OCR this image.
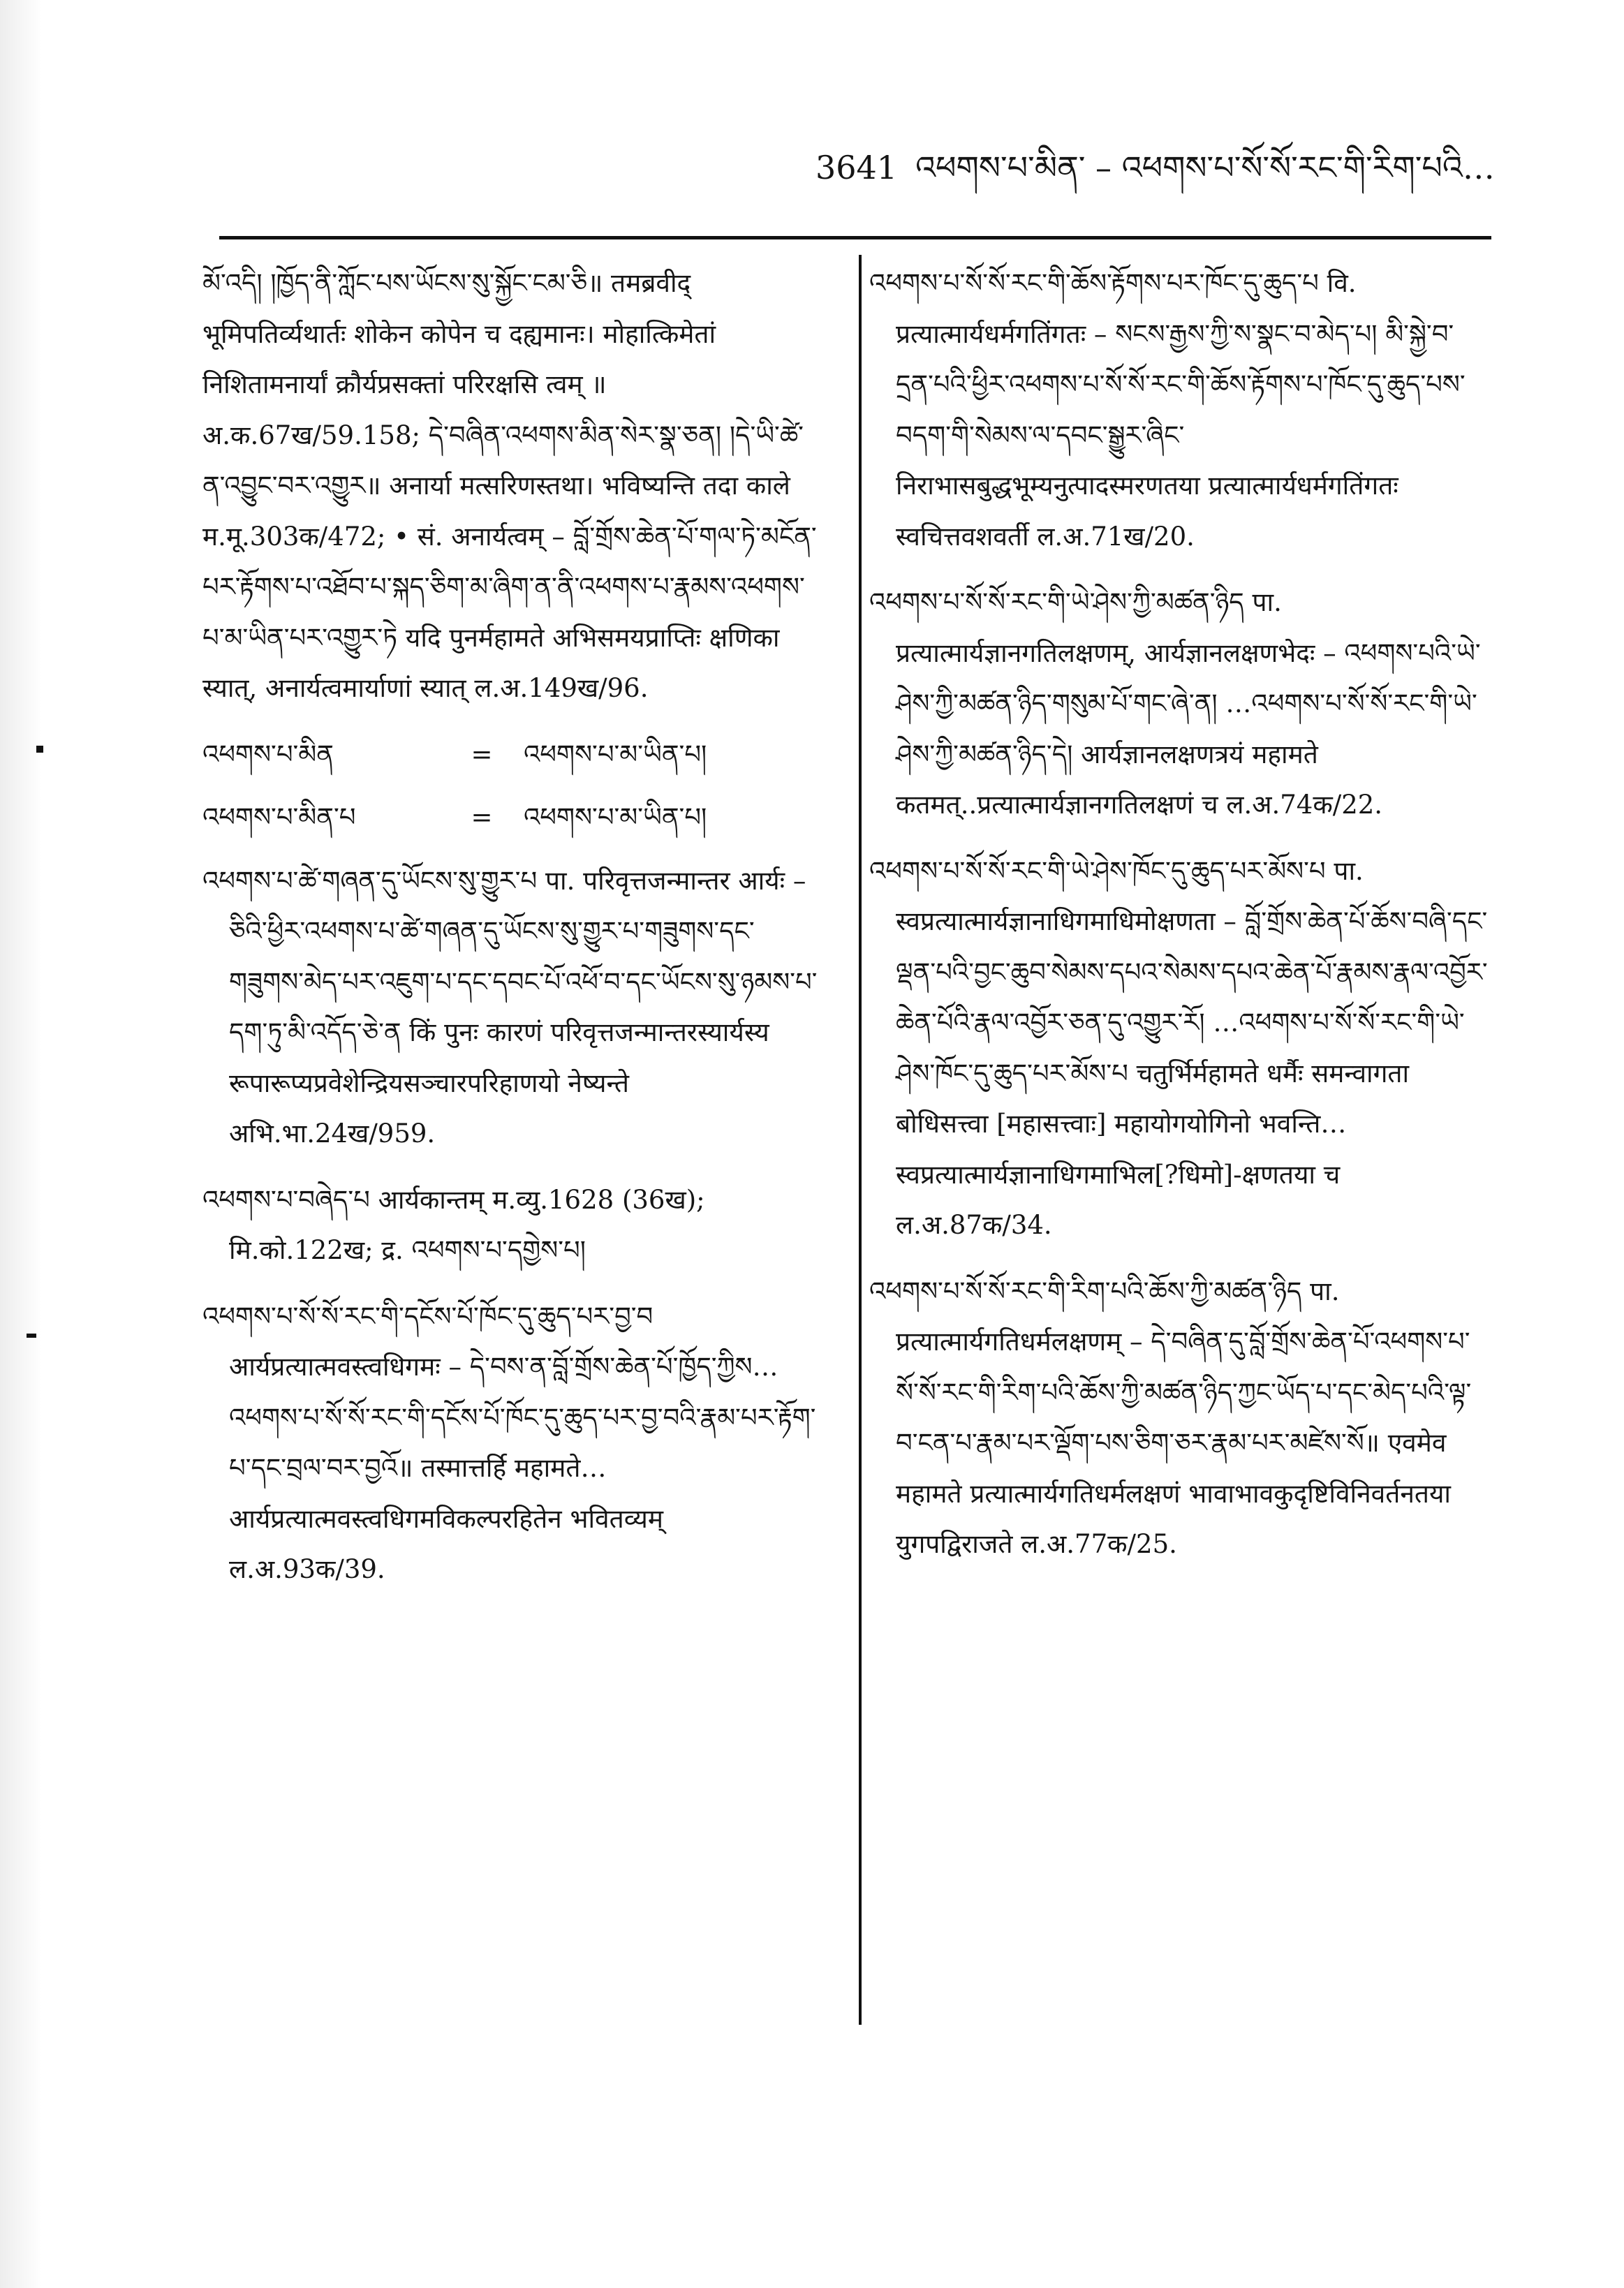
3641 འཕགས་པ་མིན་ – འཕགས་པ་སོ་སོ་རང་གི་རིག་པའི…

མོ་འདི། །ཁྱོད་ནི་ཀློང་པས་ཡོངས་སུ་སྐྱོང་ངམ་ཅི॥ तमब्रवीद् भूमिपतिर्व्यथार्तः शोकेन कोपेन च दह्यमानः। मोहात्किमेतां निशितामनार्यां क्रौर्यप्रसक्तां परिरक्षसि त्वम् ॥ अ.क.67ख/59.158; དེ་བཞིན་འཕགས་མིན་སེར་སྣ་ཅན། །དེ་ཡི་ཚེ་ན་འབྱུང་བར་འགྱུར॥ अनार्या मत्सरिणस्तथा। भविष्यन्ति तदा काले म.मू.303क/472; • सं. अनार्यत्वम् – བློ་གྲོས་ཆེན་པོ་གལ་ཏེ་མངོན་པར་རྟོགས་པ་འཐོབ་པ་སྐད་ཅིག་མ་ཞིག་ན་ནི་འཕགས་པ་རྣམས་འཕགས་པ་མ་ཡིན་པར་འགྱུར་ཏེ यदि पुनर्महामते अभिसमयप्राप्तिः क्षणिका स्यात्, अनार्यत्वमार्याणां स्यात् ल.अ.149ख/96.

འཕགས་པ་མིན	=	འཕགས་པ་མ་ཡིན་པ།
འཕགས་པ་མིན་པ	=	འཕགས་པ་མ་ཡིན་པ།

འཕགས་པ་ཚེ་གཞན་དུ་ཡོངས་སུ་གྱུར་པ पा. परिवृत्तजन्मान्तर आर्यः – ཅིའི་ཕྱིར་འཕགས་པ་ཚེ་གཞན་དུ་ཡོངས་སུ་གྱུར་པ་གཟུགས་དང་གཟུགས་མེད་པར་འཇུག་པ་དང་དབང་པོ་འཕོ་བ་དང་ཡོངས་སུ་ཉམས་པ་དག་ཏུ་མི་འདོད་ཅེ་ན किं पुनः कारणं परिवृत्तजन्मान्तरस्यार्यस्य रूपारूप्यप्रवेशेन्द्रियसञ्चारपरिहाणयो नेष्यन्ते अभि.भा.24ख/959.

འཕགས་པ་བཞེད་པ आर्यकान्तम् म.व्यु.1628 (36ख); मि.को.122ख; द्र. འཕགས་པ་དགྱེས་པ།

འཕགས་པ་སོ་སོ་རང་གི་དངོས་པོ་ཁོང་དུ་ཆུད་པར་བྱ་བ आर्यप्रत्यात्मवस्त्वधिगमः – དེ་བས་ན་བློ་གྲོས་ཆེན་པོ་ཁྱོད་ཀྱིས…འཕགས་པ་སོ་སོ་རང་གི་དངོས་པོ་ཁོང་དུ་ཆུད་པར་བྱ་བའི་རྣམ་པར་རྟོག་པ་དང་བྲལ་བར་བྱའོ॥ तस्मात्तर्हि महामते… आर्यप्रत्यात्मवस्त्वधिगमविकल्परहितेन भवितव्यम् ल.अ.93क/39.

འཕགས་པ་སོ་སོ་རང་གི་ཆོས་རྟོགས་པར་ཁོང་དུ་ཆུད་པ वि. प्रत्यात्मार्यधर्मगतिंगतः – སངས་རྒྱས་ཀྱི་ས་སྣང་བ་མེད་པ། མི་སྐྱེ་བ་དྲན་པའི་ཕྱིར་འཕགས་པ་སོ་སོ་རང་གི་ཆོས་རྟོགས་པ་ཁོང་དུ་ཆུད་པས་བདག་གི་སེམས་ལ་དབང་སྒྱུར་ཞིང་ निराभासबुद्धभूम्यनुत्पादस्मरणतया प्रत्यात्मार्यधर्मगतिंगतः स्वचित्तवशवर्ती ल.अ.71ख/20.

འཕགས་པ་སོ་སོ་རང་གི་ཡེ་ཤེས་ཀྱི་མཚན་ཉིད पा. प्रत्यात्मार्यज्ञानगतिलक्षणम्, आर्यज्ञानलक्षणभेदः – འཕགས་པའི་ཡེ་ཤེས་ཀྱི་མཚན་ཉིད་གསུམ་པོ་གང་ཞེ་ན། …འཕགས་པ་སོ་སོ་རང་གི་ཡེ་ཤེས་ཀྱི་མཚན་ཉིད་དེ། आर्यज्ञानलक्षणत्रयं महामते कतमत्..प्रत्यात्मार्यज्ञानगतिलक्षणं च ल.अ.74क/22.

འཕགས་པ་སོ་སོ་རང་གི་ཡེ་ཤེས་ཁོང་དུ་ཆུད་པར་མོས་པ पा. स्वप्रत्यात्मार्यज्ञानाधिगमाधिमोक्षणता – བློ་གྲོས་ཆེན་པོ་ཆོས་བཞི་དང་ལྡན་པའི་བྱང་ཆུབ་སེམས་དཔའ་སེམས་དཔའ་ཆེན་པོ་རྣམས་རྣལ་འབྱོར་ཆེན་པོའི་རྣལ་འབྱོར་ཅན་དུ་འགྱུར་རོ། …འཕགས་པ་སོ་སོ་རང་གི་ཡེ་ཤེས་ཁོང་དུ་ཆུད་པར་མོས་པ चतुर्भिर्महामते धर्मैः समन्वागता बोधिसत्त्वा [महासत्त्वाः] महायोगयोगिनो भवन्ति…स्वप्रत्यात्मार्यज्ञानाधिगमाभिल[?धिमो]-क्षणतया च ल.अ.87क/34.

འཕགས་པ་སོ་སོ་རང་གི་རིག་པའི་ཆོས་ཀྱི་མཚན་ཉིད पा. प्रत्यात्मार्यगतिधर्मलक्षणम् – དེ་བཞིན་དུ་བློ་གྲོས་ཆེན་པོ་འཕགས་པ་སོ་སོ་རང་གི་རིག་པའི་ཆོས་ཀྱི་མཚན་ཉིད་ཀྱང་ཡོད་པ་དང་མེད་པའི་ལྟ་བ་ངན་པ་རྣམ་པར་ལྡོག་པས་ཅིག་ཅར་རྣམ་པར་མཛེས་སོ॥ एवमेव महामते प्रत्यात्मार्यगतिधर्मलक्षणं भावाभावकुदृष्टिविनिवर्तनतया युगपद्विराजते ल.अ.77क/25.
